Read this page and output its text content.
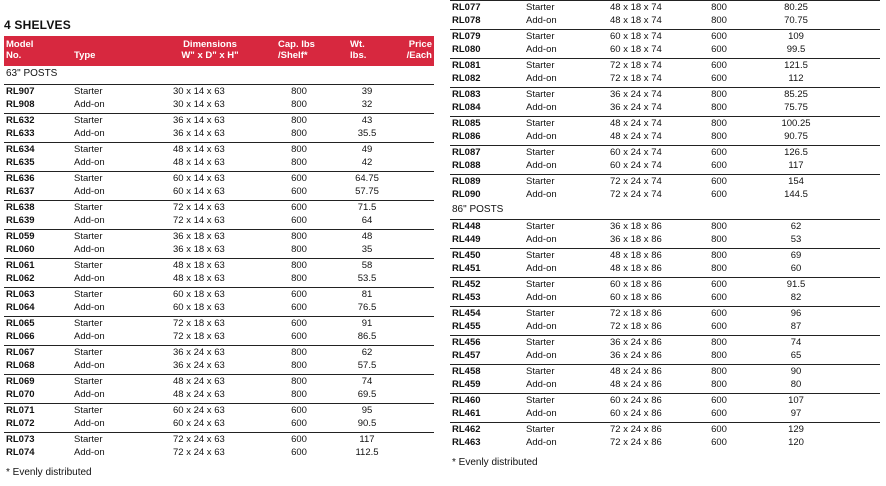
4 SHELVES
Model
No.	Type
Dimensions
W" x D" x H"
Cap. lbs
/Shelf*
Wt.
lbs.
Price
/Each
63" POSTS
RL907	Starter	30 x 14 x 63	800	39
RL908	Add-on	30 x 14 x 63	800	32
RL632	Starter	36 x 14 x 63	800	43
RL633	Add-on	36 x 14 x 63	800	35.5
RL634	Starter	48 x 14 x 63	800	49
RL635	Add-on	48 x 14 x 63	800	42
RL636	Starter	60 x 14 x 63	600	64.75
RL637	Add-on	60 x 14 x 63	600	57.75
RL638	Starter	72 x 14 x 63	600	71.5
RL639	Add-on	72 x 14 x 63	600	64
RL059	Starter	36 x 18 x 63	800	48
RL060	Add-on	36 x 18 x 63	800	35
RL061	Starter	48 x 18 x 63	800	58
RL062	Add-on	48 x 18 x 63	800	53.5
RL063	Starter	60 x 18 x 63	600	81
RL064	Add-on	60 x 18 x 63	600	76.5
RL065	Starter	72 x 18 x 63	600	91
RL066	Add-on	72 x 18 x 63	600	86.5
RL067	Starter	36 x 24 x 63	800	62
RL068	Add-on	36 x 24 x 63	800	57.5
RL069	Starter	48 x 24 x 63	800	74
RL070	Add-on	48 x 24 x 63	800	69.5
RL071	Starter	60 x 24 x 63	600	95
RL072	Add-on	60 x 24 x 63	600	90.5
RL073	Starter	72 x 24 x 63	600	117
RL074	Add-on	72 x 24 x 63	600	112.5
RL077	Starter	48 x 18 x 74	800	80.25
RL078	Add-on	48 x 18 x 74	800	70.75
RL079	Starter	60 x 18 x 74	600	109
RL080	Add-on	60 x 18 x 74	600	99.5
RL081	Starter	72 x 18 x 74	600	121.5
RL082	Add-on	72 x 18 x 74	600	112
RL083	Starter	36 x 24 x 74	800	85.25
RL084	Add-on	36 x 24 x 74	800	75.75
RL085	Starter	48 x 24 x 74	800	100.25
RL086	Add-on	48 x 24 x 74	800	90.75
RL087	Starter	60 x 24 x 74	600	126.5
RL088	Add-on	60 x 24 x 74	600	117
RL089	Starter	72 x 24 x 74	600	154
RL090	Add-on	72 x 24 x 74	600	144.5
RL448	Starter	36 x 18 x 86	800	62
RL449	Add-on	36 x 18 x 86	800	53
RL450	Starter	48 x 18 x 86	800	69
RL451	Add-on	48 x 18 x 86	800	60
RL452	Starter	60 x 18 x 86	600	91.5
RL453	Add-on	60 x 18 x 86	600	82
RL454	Starter	72 x 18 x 86	600	96
RL455	Add-on	72 x 18 x 86	600	87
RL456	Starter	36 x 24 x 86	800	74
RL457	Add-on	36 x 24 x 86	800	65
RL458	Starter	48 x 24 x 86	800	90
RL459	Add-on	48 x 24 x 86	800	80
RL460	Starter	60 x 24 x 86	600	107
RL461	Add-on	60 x 24 x 86	600	97
RL462	Starter	72 x 24 x 86	600	129
RL463	Add-on	72 x 24 x 86	600	120
86" POSTS
* Evenly distributed
* Evenly distributed
